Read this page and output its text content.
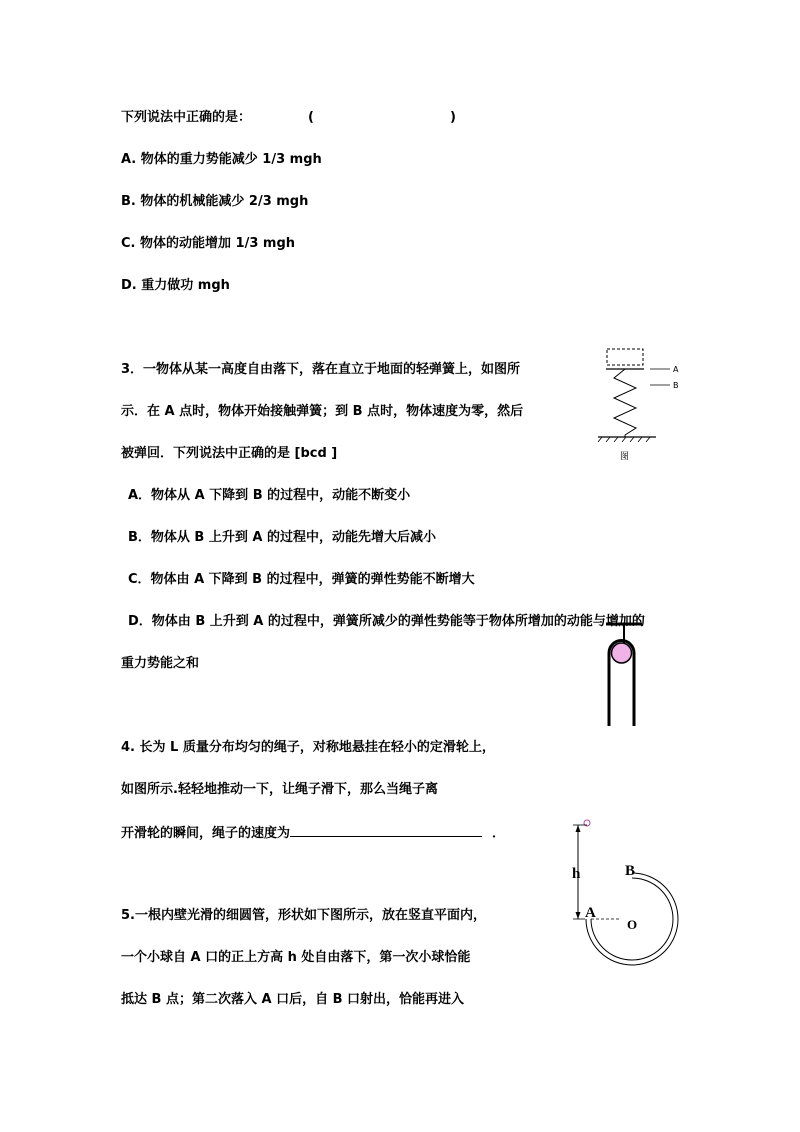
下列说法中正确的是：	(	)
A. 物体的重力势能减少 1/3 mgh
B. 物体的机械能减少 2/3 mgh
C. 物体的动能增加 1/3 mgh
D. 重力做功 mgh
3．一物体从某一高度自由落下，落在直立于地面的轻弹簧上，如图所
示．在 A 点时，物体开始接触弹簧；到 B 点时，物体速度为零，然后
被弹回．下列说法中正确的是 [bcd ]
A．物体从 A 下降到 B 的过程中，动能不断变小
B．物体从 B 上升到 A 的过程中，动能先增大后减小
C．物体由 A 下降到 B 的过程中，弹簧的弹性势能不断增大
D．物体由 B 上升到 A 的过程中，弹簧所减少的弹性势能等于物体所增加的动能与增加的
重力势能之和
A
B
图
4. 长为 L 质量分布均匀的绳子，对称地悬挂在轻小的定滑轮上，
如图所示.轻轻地推动一下，让绳子滑下，那么当绳子离
开滑轮的瞬间，绳子的速度为	．
5.一根内壁光滑的细圆管，形状如下图所示，放在竖直平面内，
一个小球自 A 口的正上方高 h 处自由落下，第一次小球恰能
抵达 B 点；第二次落入 A 口后，自 B 口射出，恰能再进入
h	B
A
O
